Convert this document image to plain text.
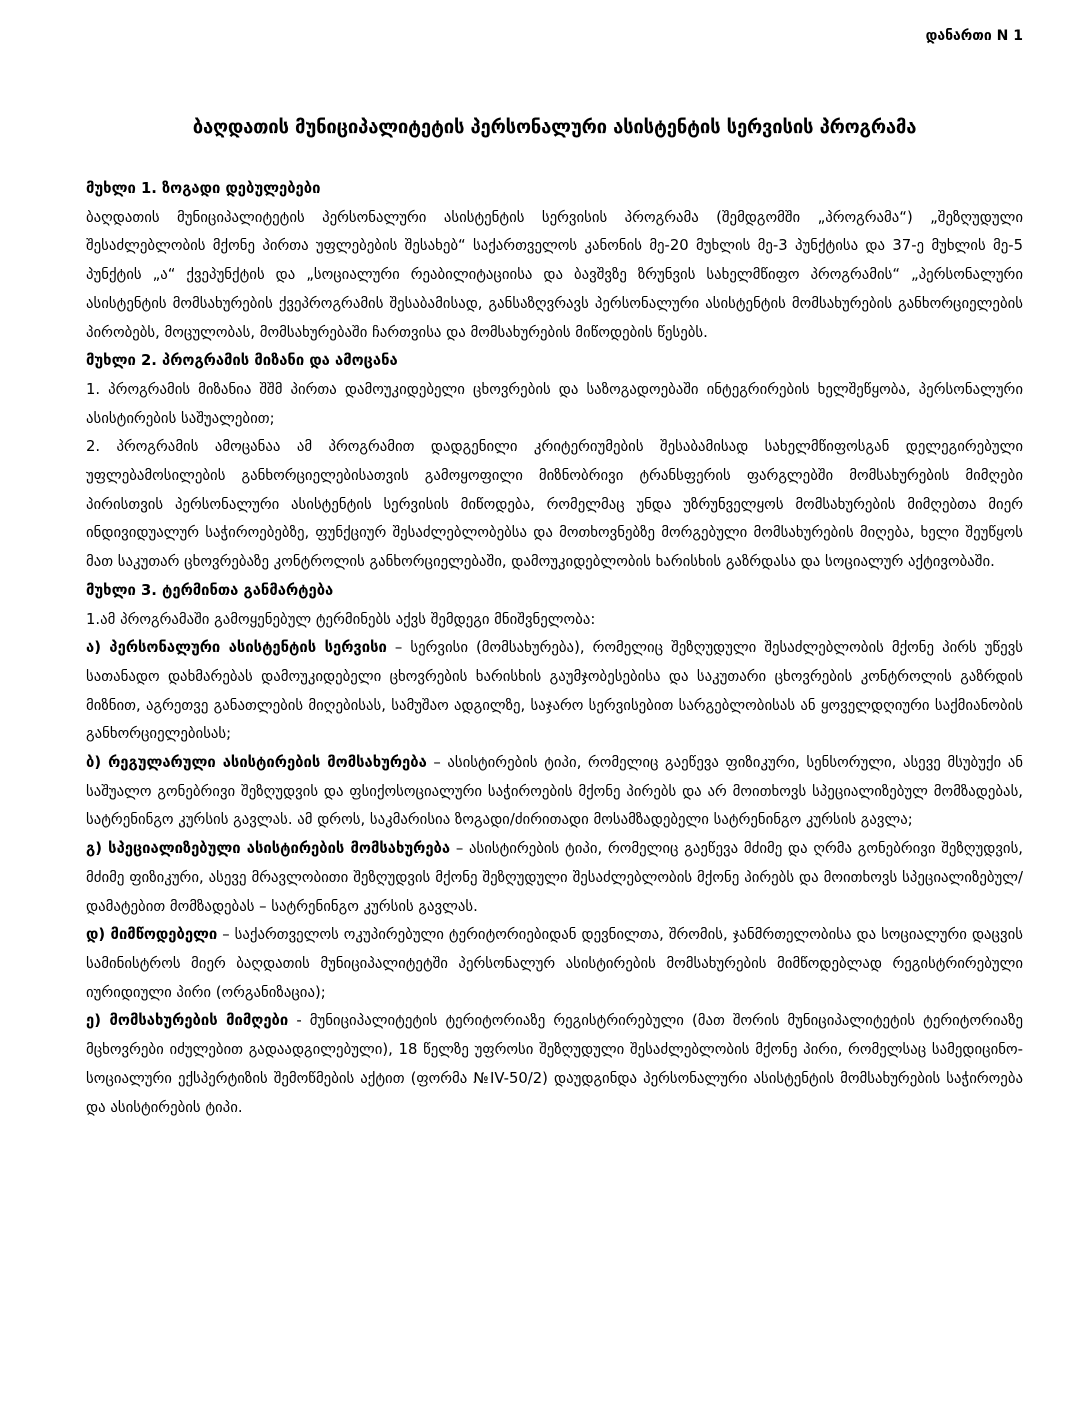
დანართი N 1
ბაღდათის მუნიციპალიტეტის პერსონალური ასისტენტის სერვისის პროგრამა

მუხლი 1. ზოგადი დებულებები

ბაღდათის მუნიციპალიტეტის პერსონალური ასისტენტის სერვისის პროგრამა (შემდგომში „პროგრამა“) „შეზღუდული შესაძლებლობის მქონე პირთა უფლებების შესახებ“ საქართველოს კანონის მე-20 მუხლის მე-3 პუნქტისა და 37-ე მუხლის მე-5 პუნქტის „ა“ ქვეპუნქტის და „სოციალური რეაბილიტაციისა და ბავშვზე ზრუნვის სახელმწიფო პროგრამის“ „პერსონალური ასისტენტის მომსახურების ქვეპროგრამის შესაბამისად, განსაზღვრავს პერსონალური ასისტენტის მომსახურების განხორციელების პირობებს, მოცულობას, მომსახურებაში ჩართვისა და მომსახურების მიწოდების წესებს.

მუხლი 2. პროგრამის მიზანი და ამოცანა

1. პროგრამის მიზანია შშმ პირთა დამოუკიდებელი ცხოვრების და საზოგადოებაში ინტეგრირების ხელშეწყობა, პერსონალური ასისტირების საშუალებით;

2. პროგრამის ამოცანაა ამ პროგრამით დადგენილი კრიტერიუმების შესაბამისად სახელმწიფოსგან დელეგირებული უფლებამოსილების განხორციელებისათვის გამოყოფილი მიზნობრივი ტრანსფერის ფარგლებში მომსახურების მიმღები პირისთვის პერსონალური ასისტენტის სერვისის მიწოდება, რომელმაც უნდა უზრუნველყოს მომსახურების მიმღებთა მიერ ინდივიდუალურ საჭიროებებზე, ფუნქციურ შესაძლებლობებსა და მოთხოვნებზე მორგებული მომსახურების მიღება, ხელი შეუწყოს მათ საკუთარ ცხოვრებაზე კონტროლის განხორციელებაში, დამოუკიდებლობის ხარისხის გაზრდასა და სოციალურ აქტივობაში.

მუხლი 3. ტერმინთა განმარტება

1.ამ პროგრამაში გამოყენებულ ტერმინებს აქვს შემდეგი მნიშვნელობა:

ა) პერსონალური ასისტენტის სერვისი – სერვისი (მომსახურება), რომელიც შეზღუდული შესაძლებლობის მქონე პირს უწევს სათანადო დახმარებას დამოუკიდებელი ცხოვრების ხარისხის გაუმჯობესებისა და საკუთარი ცხოვრების კონტროლის გაზრდის მიზნით, აგრეთვე განათლების მიღებისას, სამუშაო ადგილზე, საჯარო სერვისებით სარგებლობისას ან ყოველდღიური საქმიანობის განხორციელებისას;

ბ) რეგულარული ასისტირების მომსახურება – ასისტირების ტიპი, რომელიც გაეწევა ფიზიკური, სენსორული, ასევე მსუბუქი ან საშუალო გონებრივი შეზღუდვის და ფსიქოსოციალური საჭიროების მქონე პირებს და არ მოითხოვს სპეციალიზებულ მომზადებას, სატრენინგო კურსის გავლას. ამ დროს, საკმარისია ზოგადი/ძირითადი მოსამზადებელი სატრენინგო კურსის გავლა;

გ) სპეციალიზებული ასისტირების მომსახურება – ასისტირების ტიპი, რომელიც გაეწევა მძიმე და ღრმა გონებრივი შეზღუდვის, მძიმე ფიზიკური, ასევე მრავლობითი შეზღუდვის მქონე შეზღუდული შესაძლებლობის მქონე პირებს და მოითხოვს სპეციალიზებულ/დამატებით მომზადებას – სატრენინგო კურსის გავლას.

დ) მიმწოდებელი – საქართველოს ოკუპირებული ტერიტორიებიდან დევნილთა, შრომის, ჯანმრთელობისა და სოციალური დაცვის სამინისტროს მიერ ბაღდათის მუნიციპალიტეტში პერსონალურ ასისტირების მომსახურების მიმწოდებლად რეგისტრირებული იურიდიული პირი (ორგანიზაცია);

ე) მომსახურების მიმღები - მუნიციპალიტეტის ტერიტორიაზე რეგისტრირებული (მათ შორის მუნიციპალიტეტის ტერიტორიაზე მცხოვრები იძულებით გადაადგილებული), 18 წელზე უფროსი შეზღუდული შესაძლებლობის მქონე პირი, რომელსაც სამედიცინო-სოციალური ექსპერტიზის შემოწმების აქტით (ფორმა №IV-50/2) დაუდგინდა პერსონალური ასისტენტის მომსახურების საჭიროება და ასისტირების ტიპი.
